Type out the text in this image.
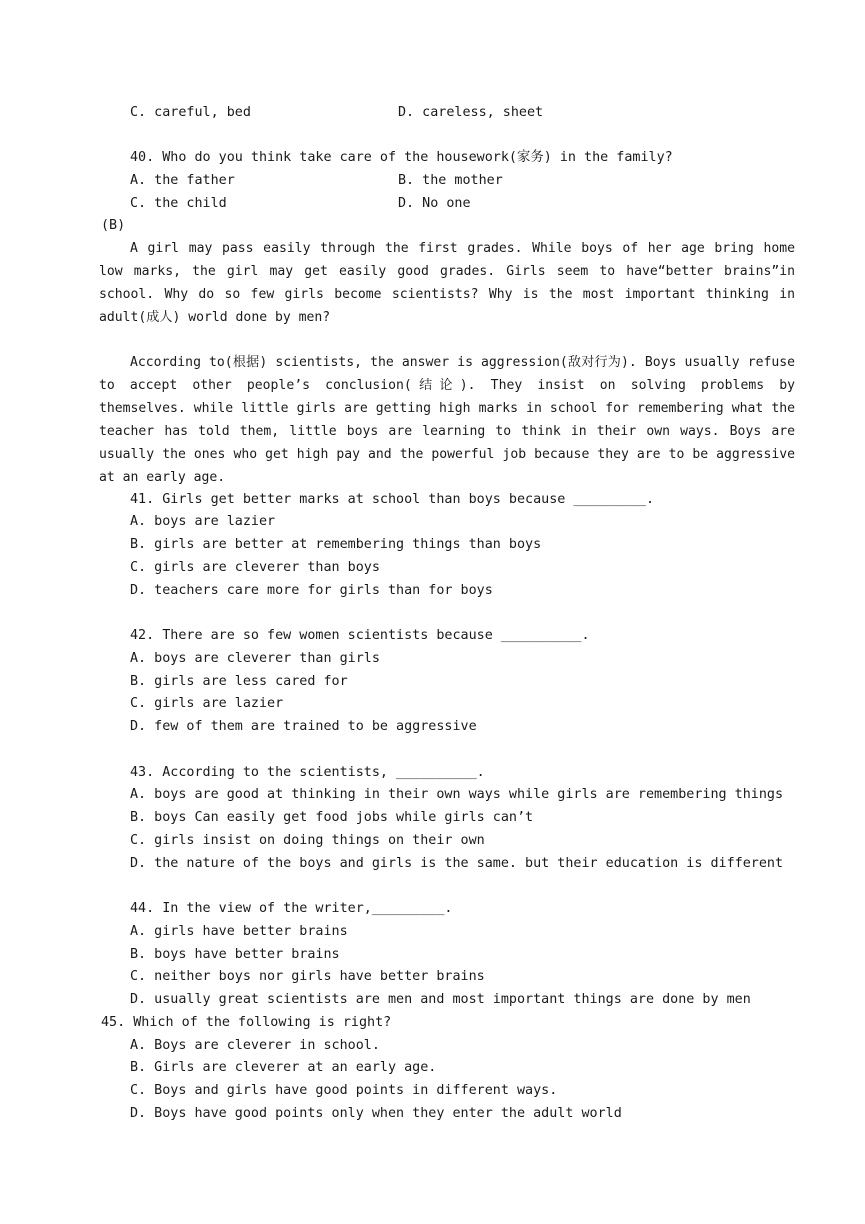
C. careful, bed	D. careless, sheet
40. Who do you think take care of the housework(家务) in the family?
A. the father	B. the mother
C. the child	D. No one
(B)
A girl may pass easily through the first grades. While boys of her age bring home low marks, the girl may get easily good grades. Girls seem to have“better brains”in school. Why do so few girls become scientists? Why is the most important thinking in adult(成人) world done by men?
According to(根据) scientists, the answer is aggression(敌对行为). Boys usually refuse to accept other people’s conclusion(结论). They insist on solving problems by themselves. while little girls are getting high marks in school for remembering what the teacher has told them, little boys are learning to think in their own ways. Boys are usually the ones who get high pay and the powerful job because they are to be aggressive at an early age.
41. Girls get better marks at school than boys because _________.
A. boys are lazier
B. girls are better at remembering things than boys
C. girls are cleverer than boys
D. teachers care more for girls than for boys
42. There are so few women scientists because __________.
A. boys are cleverer than girls
B. girls are less cared for
C. girls are lazier
D. few of them are trained to be aggressive
43. According to the scientists, __________.
A. boys are good at thinking in their own ways while girls are remembering things
B. boys Can easily get food jobs while girls can’t
C. girls insist on doing things on their own
D. the nature of the boys and girls is the same. but their education is different
44. In the view of the writer,_________.
A. girls have better brains
B. boys have better brains
C. neither boys nor girls have better brains
D. usually great scientists are men and most important things are done by men
45. Which of the following is right?
A. Boys are cleverer in school.
B. Girls are cleverer at an early age.
C. Boys and girls have good points in different ways.
D. Boys have good points only when they enter the adult world
